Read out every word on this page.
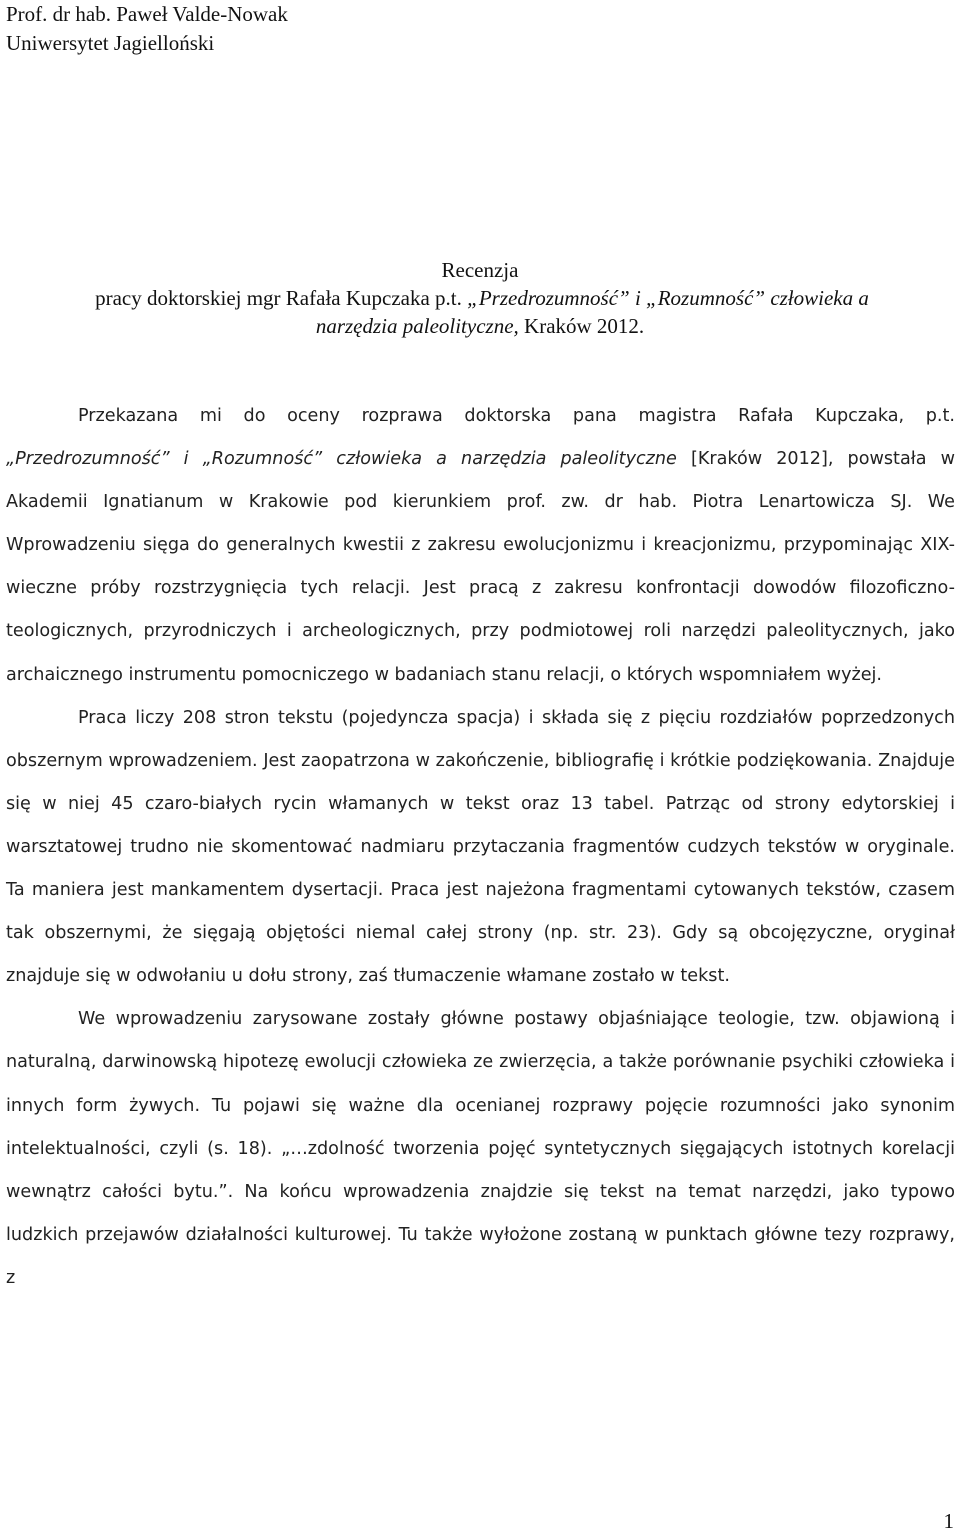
Prof. dr hab. Paweł Valde-Nowak
Uniwersytet Jagielloński
Recenzja
pracy doktorskiej mgr Rafała Kupczaka p.t. „Przedrozumność” i „Rozumność” człowieka a
narzędzia paleolityczne, Kraków 2012.

Przekazana mi do oceny rozprawa doktorska pana magistra Rafała Kupczaka, p.t. „Przedrozumność” i „Rozumność” człowieka a narzędzia paleolityczne [Kraków 2012], powstała w Akademii Ignatianum w Krakowie pod kierunkiem prof. zw. dr hab. Piotra Lenartowicza SJ. We Wprowadzeniu sięga do generalnych kwestii z zakresu ewolucjonizmu i kreacjonizmu, przypominając XIX-wieczne próby rozstrzygnięcia tych relacji. Jest pracą z zakresu konfrontacji dowodów filozoficzno-teologicznych, przyrodniczych i archeologicznych, przy podmiotowej roli narzędzi paleolitycznych, jako archaicznego instrumentu pomocniczego w badaniach stanu relacji, o których wspomniałem wyżej.

Praca liczy 208 stron tekstu (pojedyncza spacja) i składa się z pięciu rozdziałów poprzedzonych obszernym wprowadzeniem. Jest zaopatrzona w zakończenie, bibliografię i krótkie podziękowania. Znajduje się w niej 45 czaro-białych rycin włamanych w tekst oraz 13 tabel. Patrząc od strony edytorskiej i warsztatowej trudno nie skomentować nadmiaru przytaczania fragmentów cudzych tekstów w oryginale. Ta maniera jest mankamentem dysertacji. Praca jest najeżona fragmentami cytowanych tekstów, czasem tak obszernymi, że sięgają objętości niemal całej strony (np. str. 23). Gdy są obcojęzyczne, oryginał znajduje się w odwołaniu u dołu strony, zaś tłumaczenie włamane zostało w tekst.

We wprowadzeniu zarysowane zostały główne postawy objaśniające teologie, tzw. objawioną i naturalną, darwinowską hipotezę ewolucji człowieka ze zwierzęcia, a także porównanie psychiki człowieka i innych form żywych. Tu pojawi się ważne dla ocenianej rozprawy pojęcie rozumności jako synonim intelektualności, czyli (s. 18). „…zdolność tworzenia pojęć syntetycznych sięgających istotnych korelacji wewnątrz całości bytu.”. Na końcu wprowadzenia znajdzie się tekst na temat narzędzi, jako typowo ludzkich przejawów działalności kulturowej. Tu także wyłożone zostaną w punktach główne tezy rozprawy, z

1
